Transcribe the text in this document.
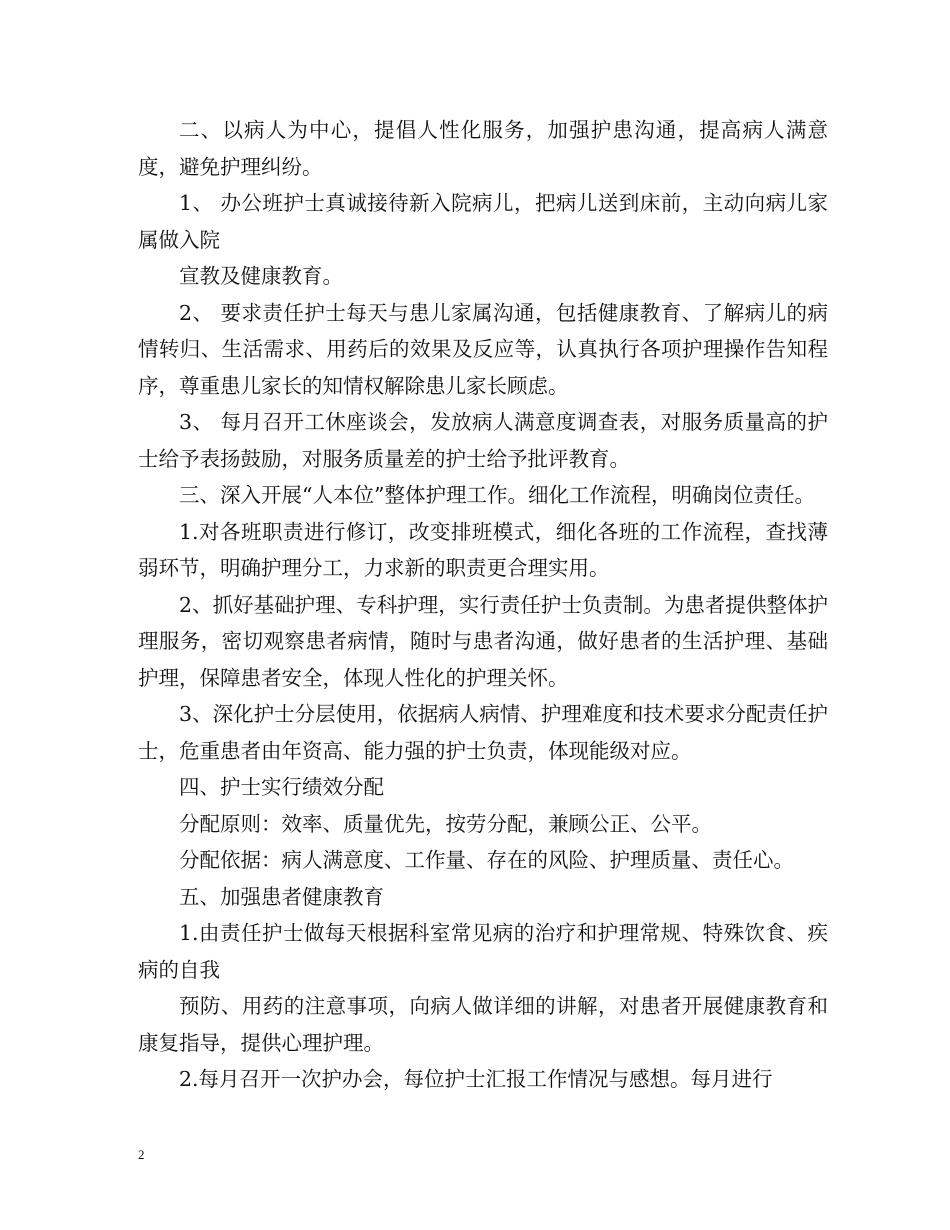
二、以病人为中心，提倡人性化服务，加强护患沟通，提高病人满意度，避免护理纠纷。

1、 办公班护士真诚接待新入院病儿，把病儿送到床前，主动向病儿家属做入院

宣教及健康教育。

2、 要求责任护士每天与患儿家属沟通，包括健康教育、了解病儿的病情转归、生活需求、用药后的效果及反应等，认真执行各项护理操作告知程序，尊重患儿家长的知情权解除患儿家长顾虑。

3、 每月召开工休座谈会，发放病人满意度调查表，对服务质量高的护士给予表扬鼓励，对服务质量差的护士给予批评教育。

三、深入开展“人本位”整体护理工作。细化工作流程，明确岗位责任。

1.对各班职责进行修订，改变排班模式，细化各班的工作流程，查找薄弱环节，明确护理分工，力求新的职责更合理实用。

2、抓好基础护理、专科护理，实行责任护士负责制。为患者提供整体护理服务，密切观察患者病情，随时与患者沟通，做好患者的生活护理、基础护理，保障患者安全，体现人性化的护理关怀。

3、深化护士分层使用，依据病人病情、护理难度和技术要求分配责任护士，危重患者由年资高、能力强的护士负责，体现能级对应。

四、护士实行绩效分配

分配原则：效率、质量优先，按劳分配，兼顾公正、公平。

分配依据：病人满意度、工作量、存在的风险、护理质量、责任心。

五、加强患者健康教育

1.由责任护士做每天根据科室常见病的治疗和护理常规、特殊饮食、疾病的自我

预防、用药的注意事项，向病人做详细的讲解，对患者开展健康教育和康复指导，提供心理护理。

2.每月召开一次护办会，每位护士汇报工作情况与感想。每月进行

2
